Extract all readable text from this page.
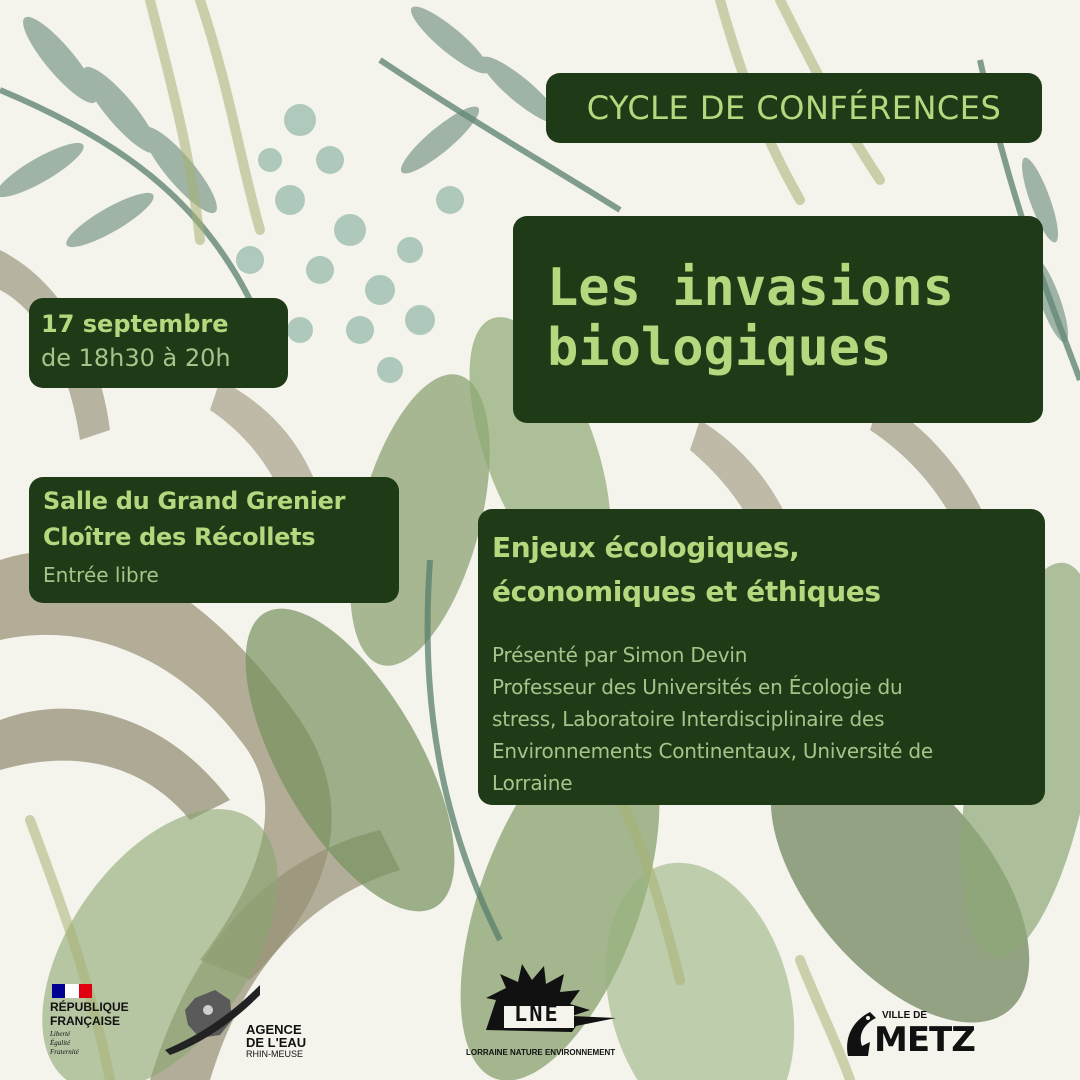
CYCLE DE CONFÉRENCES
Les invasions
biologiques
17 septembre
de 18h30 à 20h
Salle du Grand Grenier
Cloître des Récollets
Entrée libre
Enjeux écologiques,
économiques et éthiques
Présenté par Simon Devin
Professeur des Universités en Écologie du
stress, Laboratoire Interdisciplinaire des
Environnements Continentaux, Université de
Lorraine
RÉPUBLIQUE
FRANÇAISE
Liberté
Égalité
Fraternité
AGENCE
DE L'EAU
RHIN-MEUSE
LNE
LORRAINE NATURE ENVIRONNEMENT
VILLE DE
METZ
